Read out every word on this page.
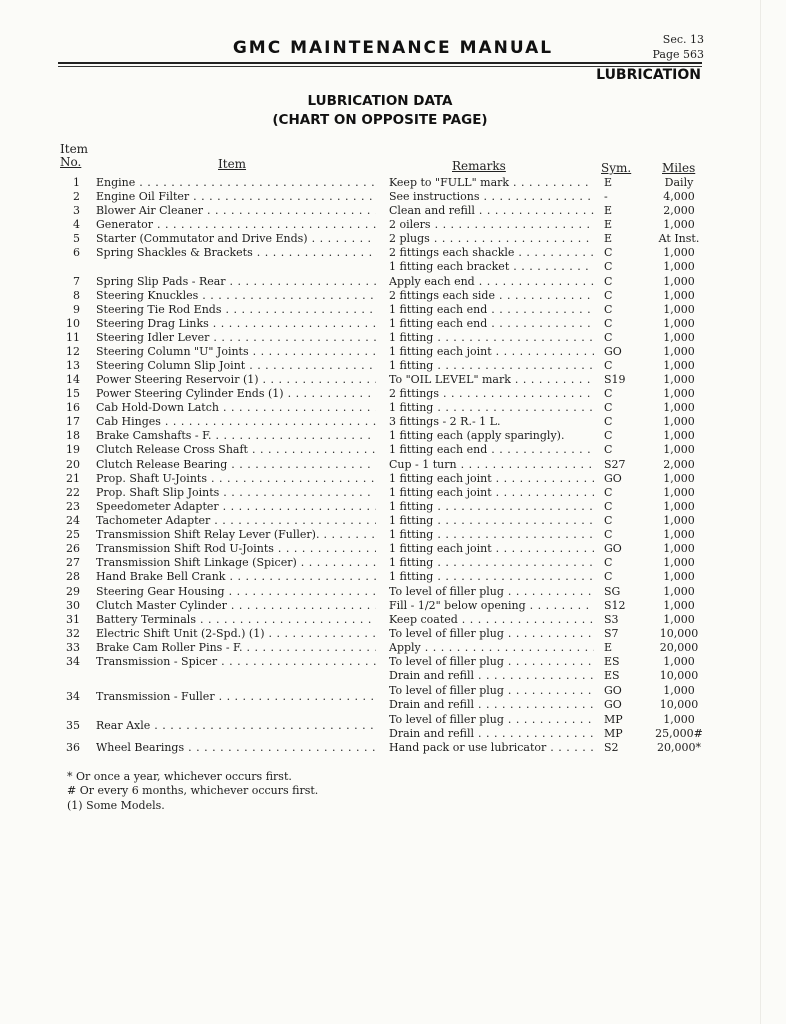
GMC MAINTENANCE MANUAL	Sec. 13
Page 563
LUBRICATION
LUBRICATION DATA
(CHART ON OPPOSITE PAGE)
Item
No.	Item	Remarks	Sym.	Miles
1 Engine . . .	Keep to "FULL" mark . . .	E	Daily
2 Engine Oil Filter . . .	See instructions . . .	-	4,000
3 Blower Air Cleaner . . .	Clean and refill . . .	E	2,000
4 Generator . . .	2 oilers . . .	E	1,000
5 Starter (Commutator and Drive Ends) . . .	2 plugs . . .	E	At Inst.
6 Spring Shackles & Brackets . . .	2 fittings each shackle . . .	C	1,000
1 fitting each bracket . . .	C	1,000
7 Spring Slip Pads - Rear . . .	Apply each end . . .	C	1,000
8 Steering Knuckles . . .	2 fittings each side . . .	C	1,000
9 Steering Tie Rod Ends . . .	1 fitting each end . . .	C	1,000
10 Steering Drag Links . . .	1 fitting each end . . .	C	1,000
11 Steering Idler Lever . . .	1 fitting . . .	C	1,000
12 Steering Column "U" Joints . . .	1 fitting each joint . . .	GO	1,000
13 Steering Column Slip Joint . . .	1 fitting . . .	C	1,000
14 Power Steering Reservoir (1) . . .	To "OIL LEVEL" mark . . .	S19	1,000
15 Power Steering Cylinder Ends (1) . . .	2 fittings . . .	C	1,000
16 Cab Hold-Down Latch . . .	1 fitting . . .	C	1,000
17 Cab Hinges . . .	3 fittings - 2 R.- 1 L.	C	1,000
18 Brake Camshafts - F. . . .	1 fitting each (apply sparingly).	C	1,000
19 Clutch Release Cross Shaft . . .	1 fitting each end . . .	C	1,000
20 Clutch Release Bearing . . .	Cup - 1 turn . . .	S27	2,000
21 Prop. Shaft U-Joints . . .	1 fitting each joint . . .	GO	1,000
22 Prop. Shaft Slip Joints . . .	1 fitting each joint . . .	C	1,000
23 Speedometer Adapter . . .	1 fitting . . .	C	1,000
24 Tachometer Adapter . . .	1 fitting . . .	C	1,000
25 Transmission Shift Relay Lever (Fuller). . . .	1 fitting . . .	C	1,000
26 Transmission Shift Rod U-Joints . . .	1 fitting each joint . . .	GO	1,000
27 Transmission Shift Linkage (Spicer) . . .	1 fitting . . .	C	1,000
28 Hand Brake Bell Crank . . .	1 fitting . . .	C	1,000
29 Steering Gear Housing . . .	To level of filler plug . . .	SG	1,000
30 Clutch Master Cylinder . . .	Fill - 1/2" below opening . . .	S12	1,000
31 Battery Terminals . . .	Keep coated . . .	S3	1,000
32 Electric Shift Unit (2-Spd.) (1) . . .	To level of filler plug . . .	S7	10,000
33 Brake Cam Roller Pins - F. . . .	Apply . . .	E	20,000
34 Transmission - Spicer . . .	To level of filler plug . . .	ES	1,000
Drain and refill . . .	ES	10,000
34 Transmission - Fuller . . .	To level of filler plug . . .	GO	1,000
Drain and refill . . .	GO	10,000
35 Rear Axle . . .	To level of filler plug . . .	MP	1,000
Drain and refill . . .	MP	25,000#
36 Wheel Bearings . . .	Hand pack or use lubricator . . .	S2	20,000*
* Or once a year, whichever occurs first.
# Or every 6 months, whichever occurs first.
(1) Some Models.
